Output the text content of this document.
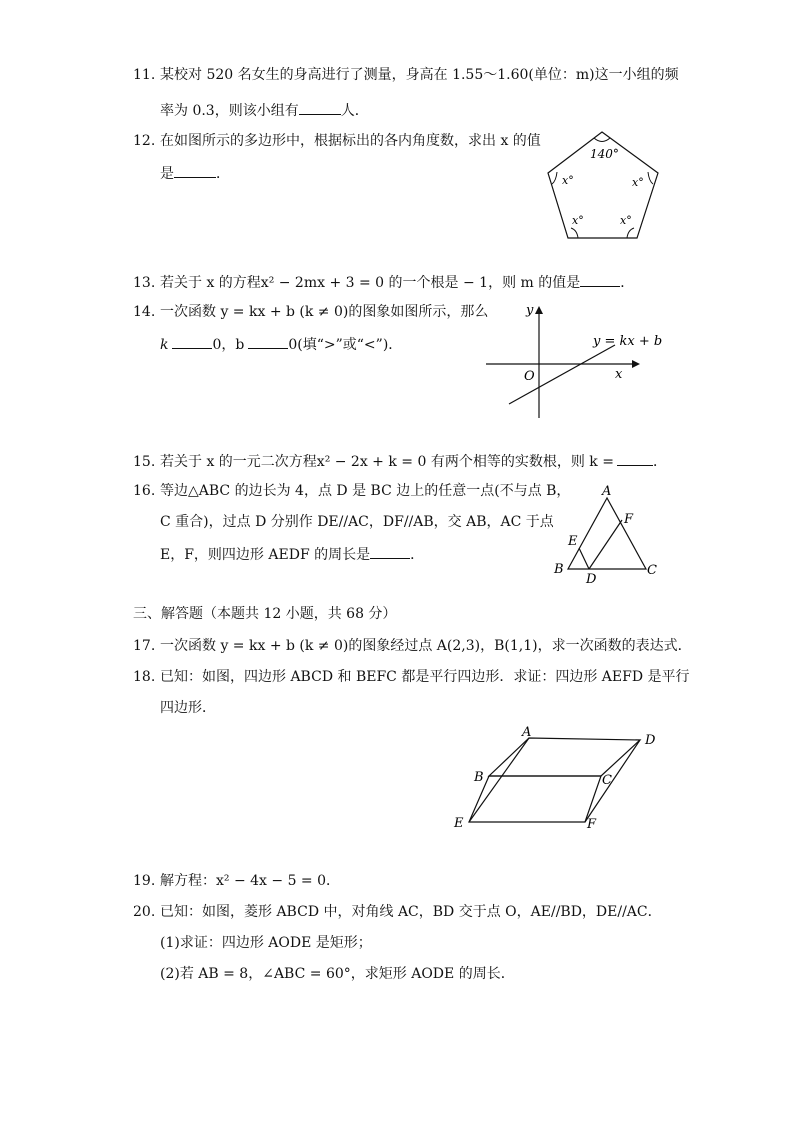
11. 某校对 520 名女生的身高进行了测量，身高在 1.55～1.60(单位：m)这一小组的频
率为 0.3，则该小组有	人．
12. 在如图所示的多边形中，根据标出的各内角度数，求出 x 的值
是	．
140°
x°	x°
x°	x°
13. 若关于 x 的方程x² − 2mx + 3 = 0 的一个根是 − 1，则 m 的值是	．
14. 一次函数 y = kx + b (k ≠ 0)的图象如图所示，那么
k	0，b	0(填“>”或“<”)．
y
x
O
y = kx + b
15. 若关于 x 的一元二次方程x² − 2x + k = 0 有两个相等的实数根，则 k =	．
16. 等边△ABC 的边长为 4，点 D 是 BC 边上的任意一点(不与点 B，
C 重合)，过点 D 分别作 DE//AC，DF//AB，交 AB，AC 于点
E，F，则四边形 AEDF 的周长是	．
A
B	C
D
E
F
三、解答题（本题共 12 小题，共 68 分）
17. 一次函数 y = kx + b (k ≠ 0)的图象经过点 A(2,3)，B(1,1)，求一次函数的表达式．
18. 已知：如图，四边形 ABCD 和 BEFC 都是平行四边形．求证：四边形 AEFD 是平行
四边形．
A
B	C
D
E	F
19. 解方程：x² − 4x − 5 = 0．
20. 已知：如图，菱形 ABCD 中，对角线 AC，BD 交于点 O，AE//BD，DE//AC．
(1)求证：四边形 AODE 是矩形；
(2)若 AB = 8，∠ABC = 60°，求矩形 AODE 的周长．
